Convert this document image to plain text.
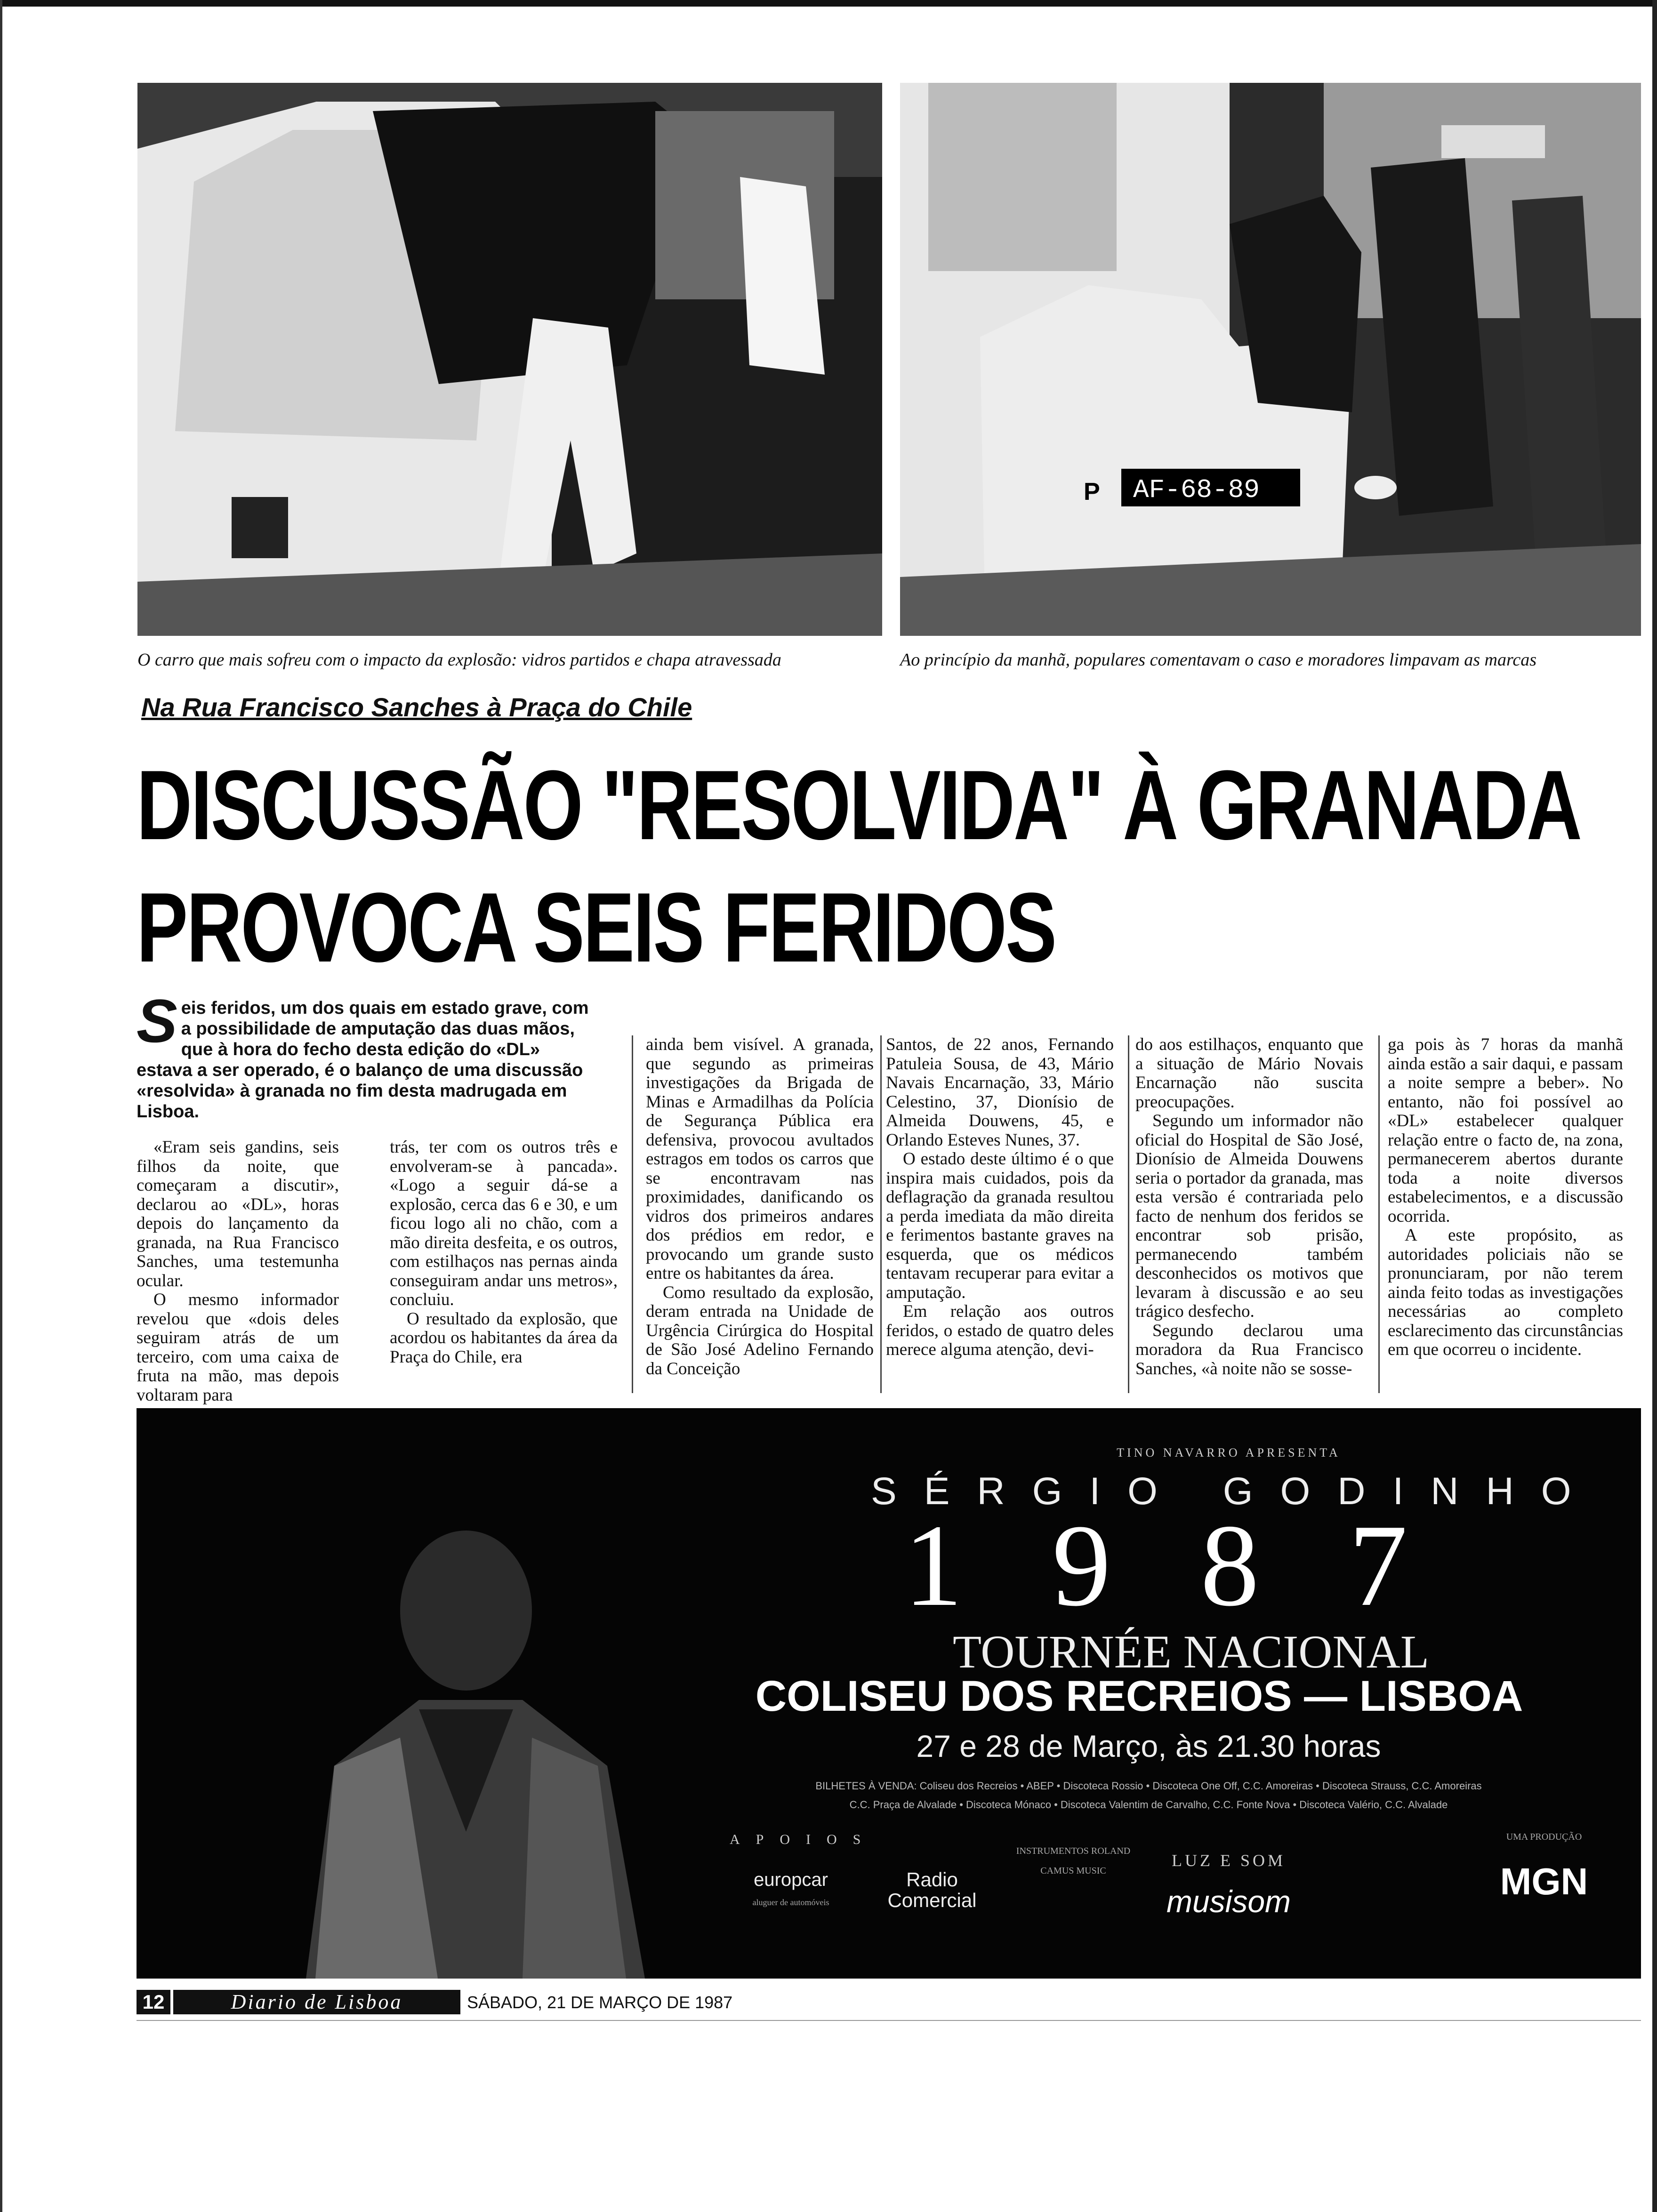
AF-68-89
P
O carro que mais sofreu com o impacto da explosão: vidros partidos e chapa atravessada	Ao princípio da manhã, populares comentavam o caso e moradores limpavam as marcas
Na Rua Francisco Sanches à Praça do Chile
DISCUSSÃO "RESOLVIDA" À GRANADA
PROVOCA SEIS FERIDOS
S eis feridos, um dos quais em estado grave, com a possibilidade de amputação das duas mãos, que à hora do fecho desta edição do «DL» estava a ser operado, é o balanço de uma discussão «resolvida» à granada no fim desta madrugada em Lisboa.

«Eram seis gandins, seis filhos da noite, que começaram a discutir», declarou ao «DL», horas depois do lançamento da granada, na Rua Francisco Sanches, uma testemunha ocular.

O mesmo informador revelou que «dois deles seguiram atrás de um terceiro, com uma caixa de fruta na mão, mas depois voltaram para

trás, ter com os outros três e envolveram-se à pancada». «Logo a seguir dá-se a explosão, cerca das 6 e 30, e um ficou logo ali no chão, com a mão direita desfeita, e os outros, com estilhaços nas pernas ainda conseguiram andar uns metros», concluiu.

O resultado da explosão, que acordou os habitantes da área da Praça do Chile, era

ainda bem visível. A granada, que segundo as primeiras investigações da Brigada de Minas e Armadilhas da Polícia de Segurança Pública era defensiva, provocou avultados estragos em todos os carros que se encontravam nas proximidades, danificando os vidros dos primeiros andares dos prédios em redor, e provocando um grande susto entre os habitantes da área.

Como resultado da explosão, deram entrada na Unidade de Urgência Cirúrgica do Hospital de São José Adelino Fernando da Conceição

Santos, de 22 anos, Fernando Patuleia Sousa, de 43, Mário Navais Encarnação, 33, Mário Celestino, 37, Dionísio de Almeida Douwens, 45, e Orlando Esteves Nunes, 37.

O estado deste último é o que inspira mais cuidados, pois da deflagração da granada resultou a perda imediata da mão direita e ferimentos bastante graves na esquerda, que os médicos tentavam recuperar para evitar a amputação.

Em relação aos outros feridos, o estado de quatro deles merece alguma atenção, devi-

do aos estilhaços, enquanto que a situação de Mário Novais Encarnação não suscita preocupações.

Segundo um informador não oficial do Hospital de São José, Dionísio de Almeida Douwens seria o portador da granada, mas esta versão é contrariada pelo facto de nenhum dos feridos se encontrar sob prisão, permanecendo também desconhecidos os motivos que levaram à discussão e ao seu trágico desfecho.

Segundo declarou uma moradora da Rua Francisco Sanches, «à noite não se sosse-

ga pois às 7 horas da manhã ainda estão a sair daqui, e passam a noite sempre a beber». No entanto, não foi possível ao «DL» estabelecer qualquer relação entre o facto de, na zona, permanecerem abertos durante toda a noite diversos estabelecimentos, e a discussão ocorrida.

A este propósito, as autoridades policiais não se pronunciaram, por não terem ainda feito todas as investigações necessárias ao completo esclarecimento das circunstâncias em que ocorreu o incidente.

TINO NAVARRO APRESENTA
SÉRGIO GODINHO
1987
TOURNÉE NACIONAL
COLISEU DOS RECREIOS — LISBOA
27 e 28 de Março, às 21.30 horas
BILHETES À VENDA: Coliseu dos Recreios • ABEP • Discoteca Rossio • Discoteca One Off, C.C. Amoreiras • Discoteca Strauss, C.C. Amoreiras
C.C. Praça de Alvalade • Discoteca Mónaco • Discoteca Valentim de Carvalho, C.C. Fonte Nova • Discoteca Valério, C.C. Alvalade
APOIOS
europcar
aluguer de automóveis
Radio Comercial
INSTRUMENTOS ROLAND CAMUS MUSIC
LUZ E SOM
musisom
UMA PRODUÇÃO
MGN
12	Diario de Lisboa	SÁBADO, 21 DE MARÇO DE 1987
